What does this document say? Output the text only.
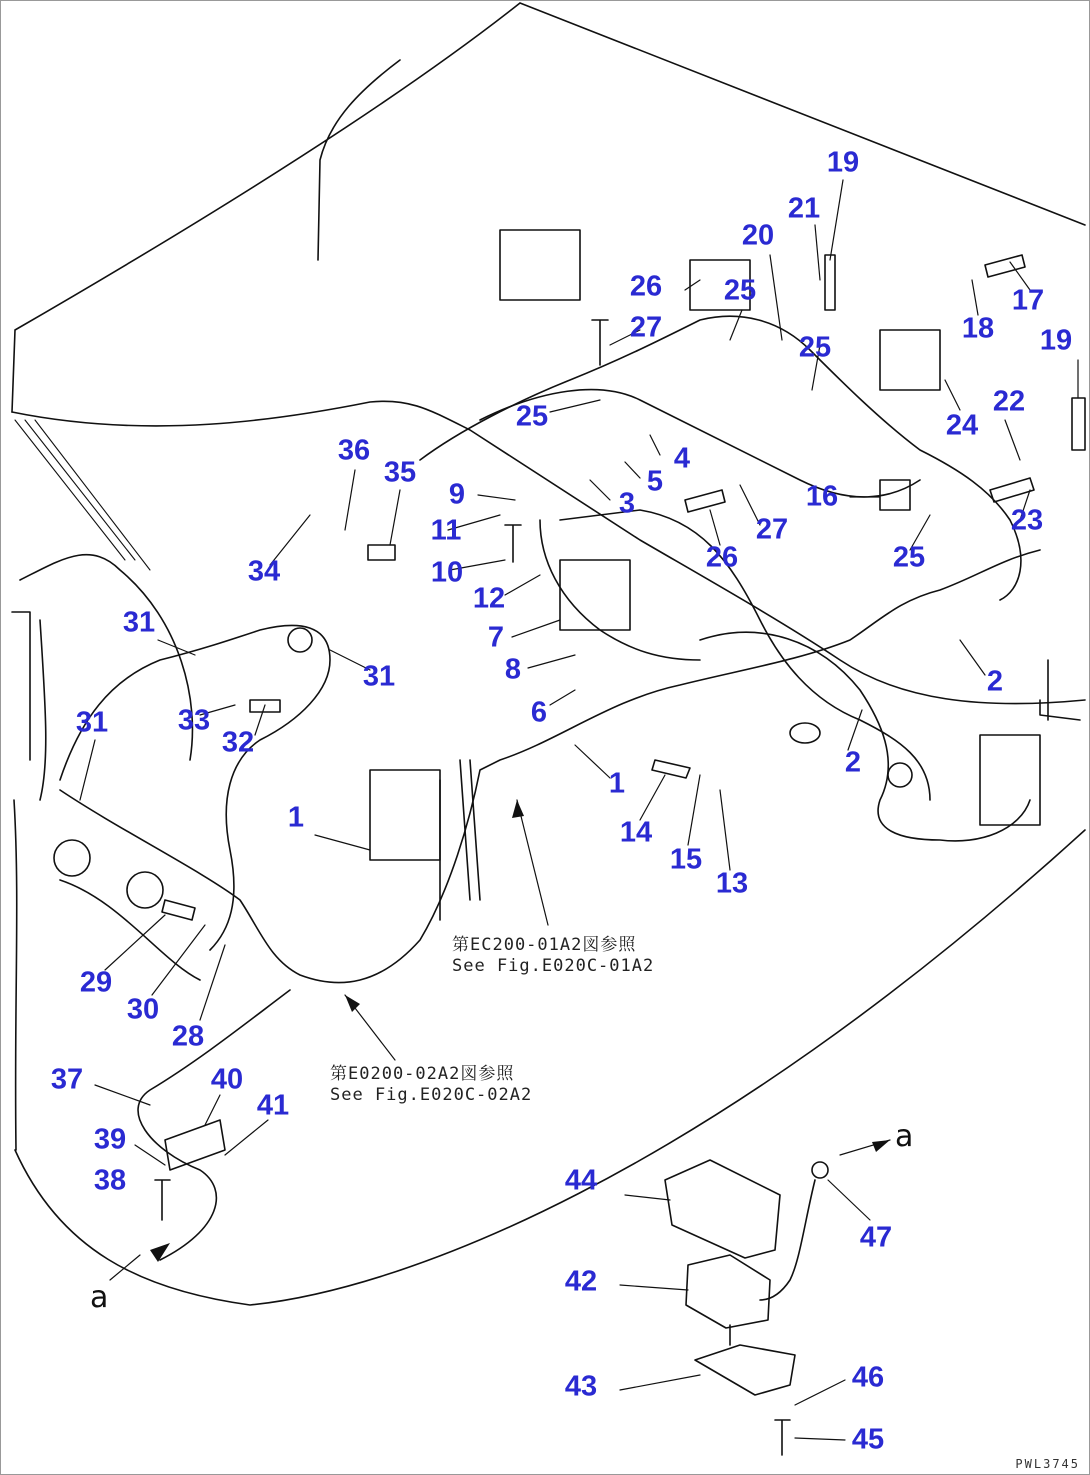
19
21
20
26 25	17
18 19
27
25
25	22
24
36
35	4
5
9	3	16
11	27	23
26
34	10	25
12
31	7
31	2
8
6
33
31
32
2
1
1	14
15
13
29
30
28
37	40
41
39
38	44
47
42
43	46
45
第EC200-01A2図参照
See Fig.E020C-01A2
第E0200-02A2図参照
See Fig.E020C-02A2
a
a
PWL3745
